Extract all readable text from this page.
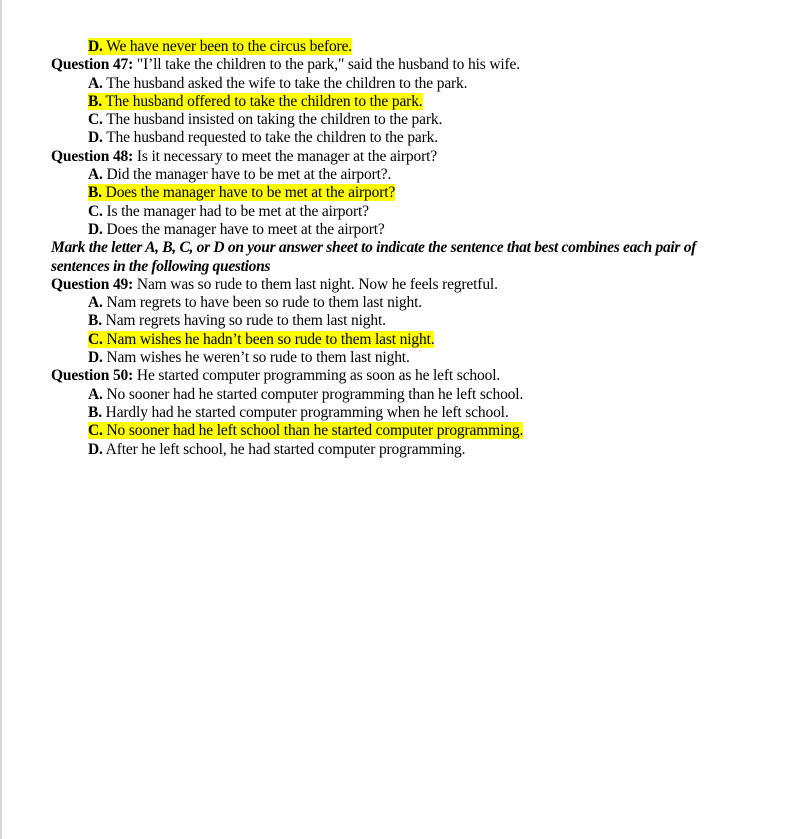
D. We have never been to the circus before.
Question 47: "I’ll take the children to the park," said the husband to his wife.
A. The husband asked the wife to take the children to the park.
B. The husband offered to take the children to the park.
C. The husband insisted on taking the children to the park.
D. The husband requested to take the children to the park.
Question 48: Is it necessary to meet the manager at the airport?
A. Did the manager have to be met at the airport?.
B. Does the manager have to be met at the airport?
C. Is the manager had to be met at the airport?
D. Does the manager have to meet at the airport?
Mark the letter A, B, C, or D on your answer sheet to indicate the sentence that best combines each pair of
sentences in the following questions
Question 49: Nam was so rude to them last night. Now he feels regretful.
A. Nam regrets to have been so rude to them last night.
B. Nam regrets having so rude to them last night.
C. Nam wishes he hadn’t been so rude to them last night.
D. Nam wishes he weren’t so rude to them last night.
Question 50: He started computer programming as soon as he left school.
A. No sooner had he started computer programming than he left school.
B. Hardly had he started computer programming when he left school.
C. No sooner had he left school than he started computer programming.
D. After he left school, he had started computer programming.
